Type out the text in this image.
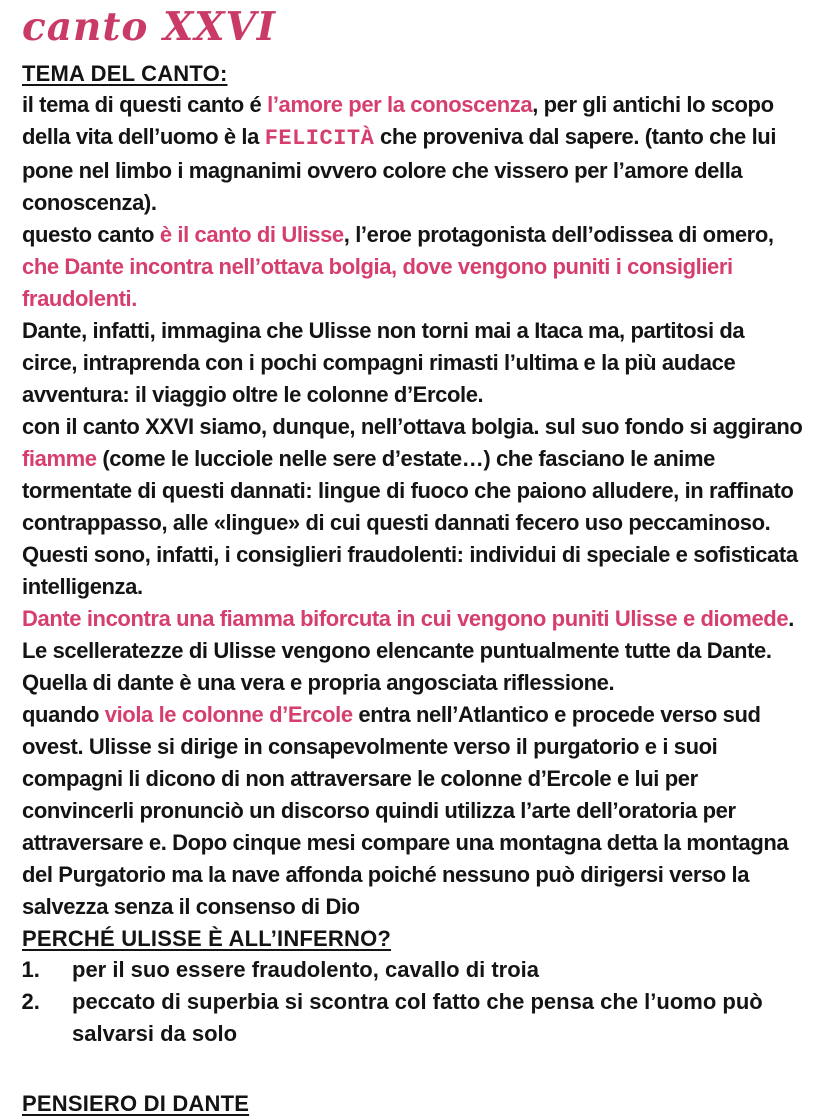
canto XXVI
TEMA DEL CANTO:

il tema di questi canto é l’amore per la conoscenza, per gli antichi lo scopo della vita dell’uomo è la FELICITÀ che proveniva dal sapere. (tanto che lui pone nel limbo i magnanimi ovvero colore che vissero per l’amore della conoscenza).

questo canto è il canto di Ulisse, l’eroe protagonista dell’odissea di omero, che Dante incontra nell’ottava bolgia, dove vengono puniti i consiglieri fraudolenti.

Dante, infatti, immagina che Ulisse non torni mai a Itaca ma, partitosi da circe, intraprenda con i pochi compagni rimasti l’ultima e la più audace avventura: il viaggio oltre le colonne d’Ercole.

con il canto XXVI siamo, dunque, nell’ottava bolgia. sul suo fondo si aggirano fiamme (come le lucciole nelle sere d’estate…) che fasciano le anime tormentate di questi dannati: lingue di fuoco che paiono alludere, in raffinato contrappasso, alle «lingue» di cui questi dannati fecero uso peccaminoso. Questi sono, infatti, i consiglieri fraudolenti: individui di speciale e sofisticata intelligenza.

Dante incontra una fiamma biforcuta in cui vengono puniti Ulisse e diomede. Le scelleratezze di Ulisse vengono elencante puntualmente tutte da Dante. Quella di dante è una vera e propria angosciata riflessione.

quando viola le colonne d’Ercole entra nell’Atlantico e procede verso sud ovest. Ulisse si dirige in consapevolmente verso il purgatorio e i suoi compagni li dicono di non attraversare le colonne d’Ercole e lui per convincerli pronunciò un discorso quindi utilizza l’arte dell’oratoria per attraversare e. Dopo cinque mesi compare una montagna detta la montagna del Purgatorio ma la nave affonda poiché nessuno può dirigersi verso la salvezza senza il consenso di Dio

PERCHÉ ULISSE È ALL’INFERNO?
1. per il suo essere fraudolento, cavallo di troia
2. peccato di superbia si scontra col fatto che pensa che l’uomo può salvarsi da solo
PENSIERO DI DANTE
